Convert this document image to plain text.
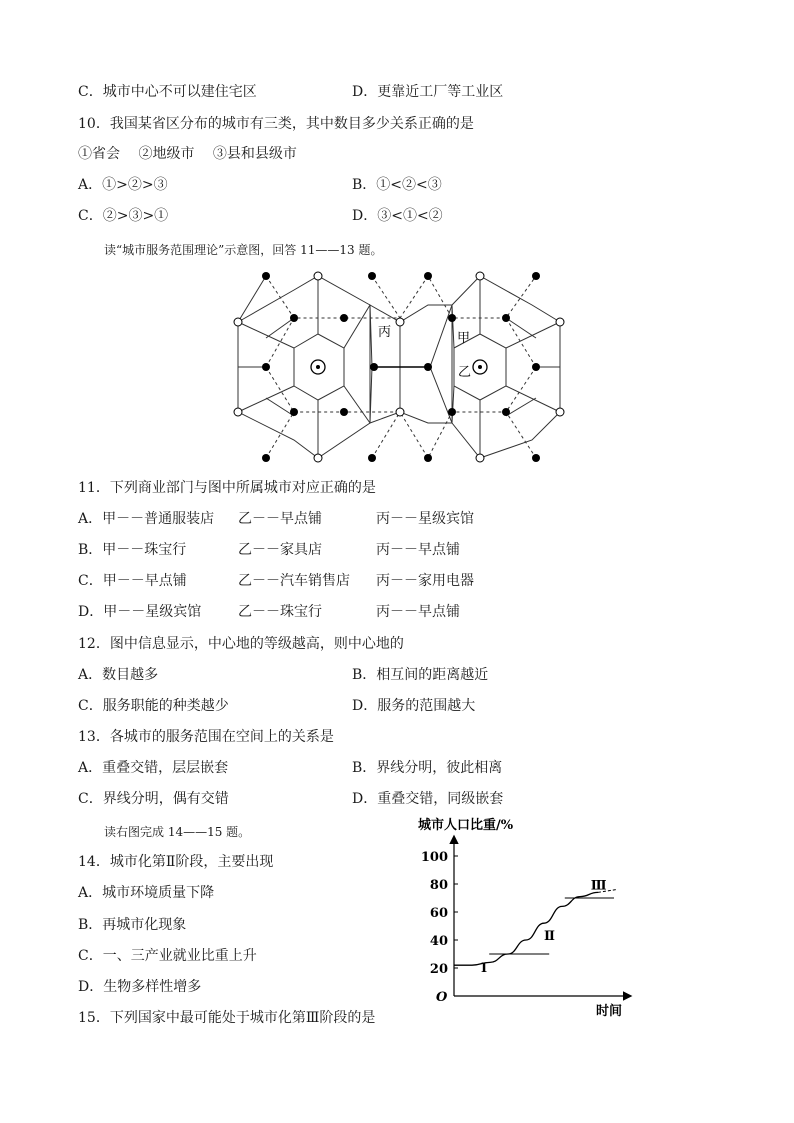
C．城市中心不可以建住宅区	D．更靠近工厂等工业区
10．我国某省区分布的城市有三类，其中数目多少关系正确的是
①省会　 ②地级市　 ③县和县级市
A．①>②>③	B．①<②<③
C．②>③>①	D．③<①<②
读“城市服务范围理论”示意图，回答 11——13 题。
丙	甲
乙
11．下列商业部门与图中所属城市对应正确的是
A．甲－－普通服装店 乙－－早点铺	丙－－星级宾馆
B．甲－－珠宝行	乙－－家具店	丙－－早点铺
C．甲－－早点铺	乙－－汽车销售店 丙－－家用电器
D．甲－－星级宾馆	乙－－珠宝行	丙－－早点铺
12．图中信息显示，中心地的等级越高，则中心地的
A．数目越多	B．相互间的距离越近
C．服务职能的种类越少	D．服务的范围越大
13．各城市的服务范围在空间上的关系是
A．重叠交错，层层嵌套	B．界线分明，彼此相离
C．界线分明，偶有交错	D．重叠交错，同级嵌套
读右图完成 14——15 题。
14．城市化第Ⅱ阶段，主要出现
A．城市环境质量下降
B．再城市化现象
C．一、三产业就业比重上升
D．生物多样性增多
15．下列国家中最可能处于城市化第Ⅲ阶段的是
城市人口比重/%
O
时间
100
80
60
40
20	Ⅰ
Ⅱ
Ⅲ
